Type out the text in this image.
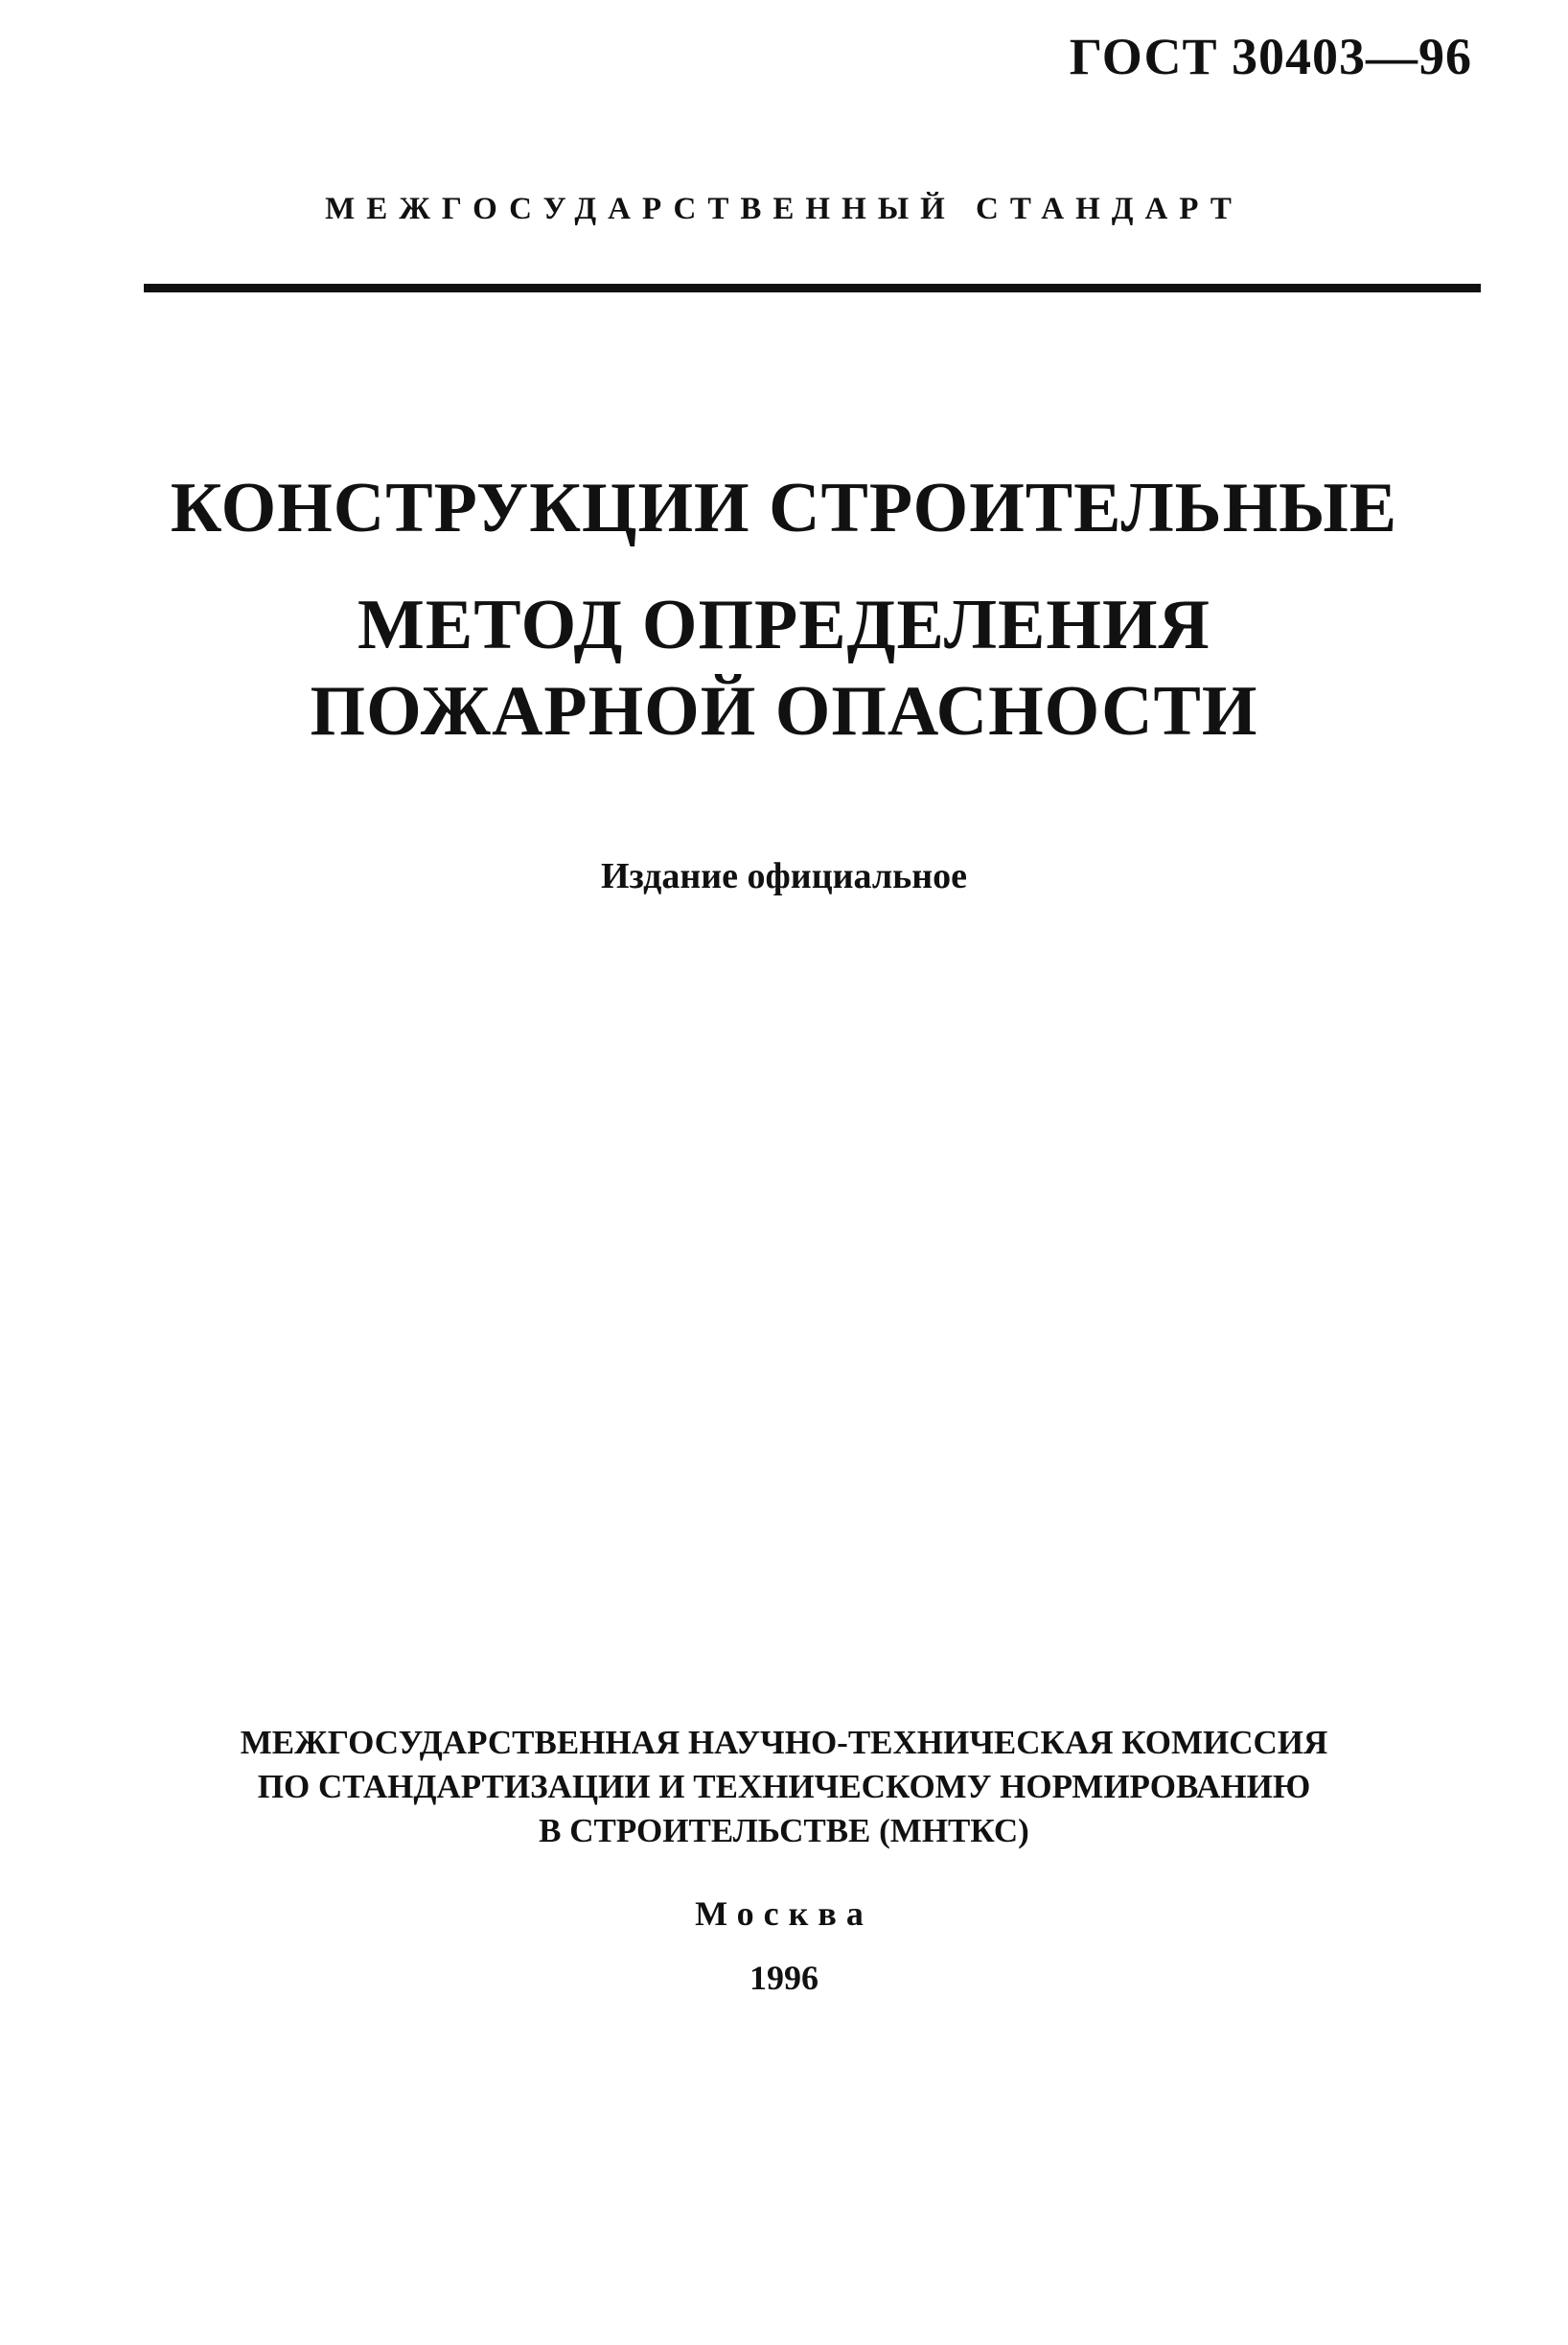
ГОСТ 30403—96
МЕЖГОСУДАРСТВЕННЫЙ СТАНДАРТ
КОНСТРУКЦИИ СТРОИТЕЛЬНЫЕ
МЕТОД ОПРЕДЕЛЕНИЯ
ПОЖАРНОЙ ОПАСНОСТИ
Издание официальное
МЕЖГОСУДАРСТВЕННАЯ НАУЧНО-ТЕХНИЧЕСКАЯ КОМИССИЯ
ПО СТАНДАРТИЗАЦИИ И ТЕХНИЧЕСКОМУ НОРМИРОВАНИЮ
В СТРОИТЕЛЬСТВЕ (МНТКС)
Москва
1996
